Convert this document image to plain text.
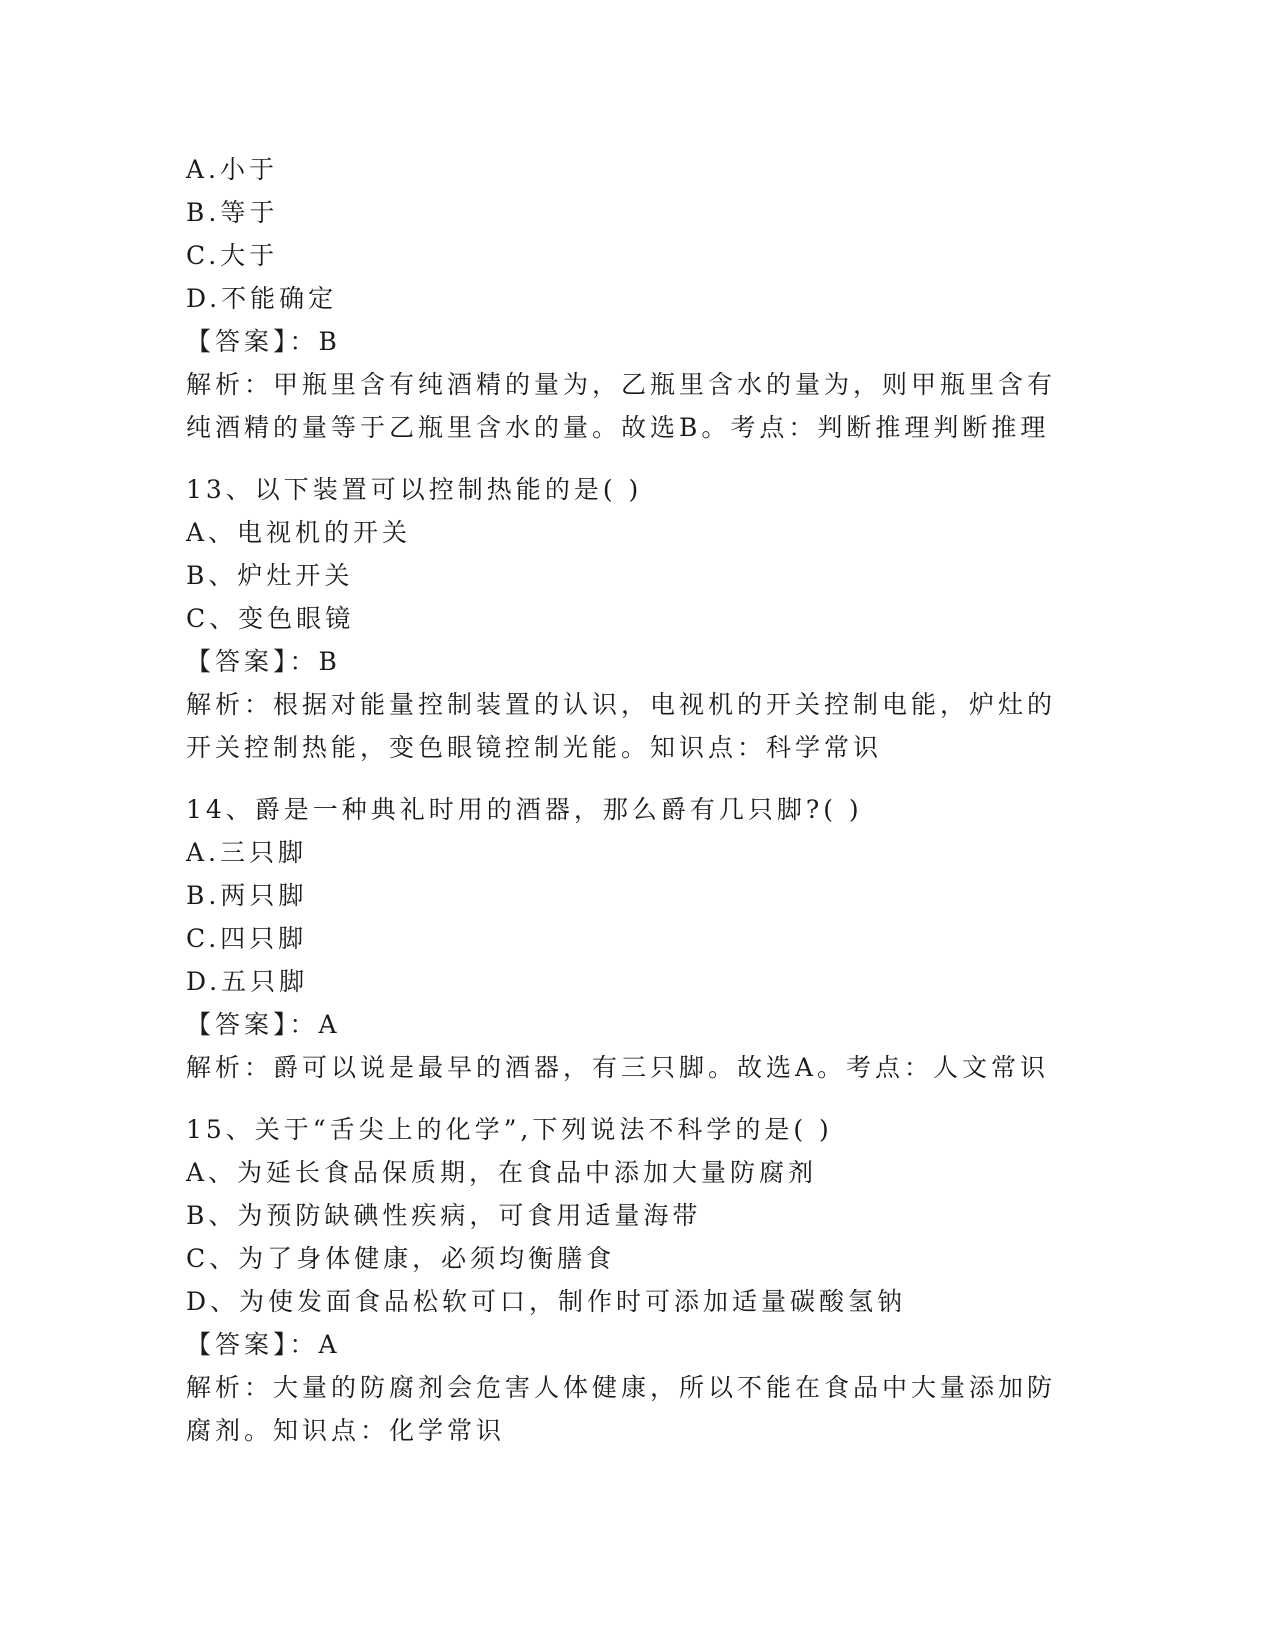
A.小于
B.等于
C.大于
D.不能确定
【答案】：B
解析：甲瓶里含有纯酒精的量为，乙瓶里含水的量为，则甲瓶里含有
纯酒精的量等于乙瓶里含水的量。故选B。考点：判断推理判断推理
13、以下装置可以控制热能的是( )
A、电视机的开关
B、炉灶开关
C、变色眼镜
【答案】：B
解析：根据对能量控制装置的认识，电视机的开关控制电能，炉灶的
开关控制热能，变色眼镜控制光能。知识点：科学常识
14、爵是一种典礼时用的酒器，那么爵有几只脚?( )
A.三只脚
B.两只脚
C.四只脚
D.五只脚
【答案】：A
解析：爵可以说是最早的酒器，有三只脚。故选A。考点：人文常识
15、关于“舌尖上的化学”,下列说法不科学的是( )
A、为延长食品保质期，在食品中添加大量防腐剂
B、为预防缺碘性疾病，可食用适量海带
C、为了身体健康，必须均衡膳食
D、为使发面食品松软可口，制作时可添加适量碳酸氢钠
【答案】：A
解析：大量的防腐剂会危害人体健康，所以不能在食品中大量添加防
腐剂。知识点：化学常识
